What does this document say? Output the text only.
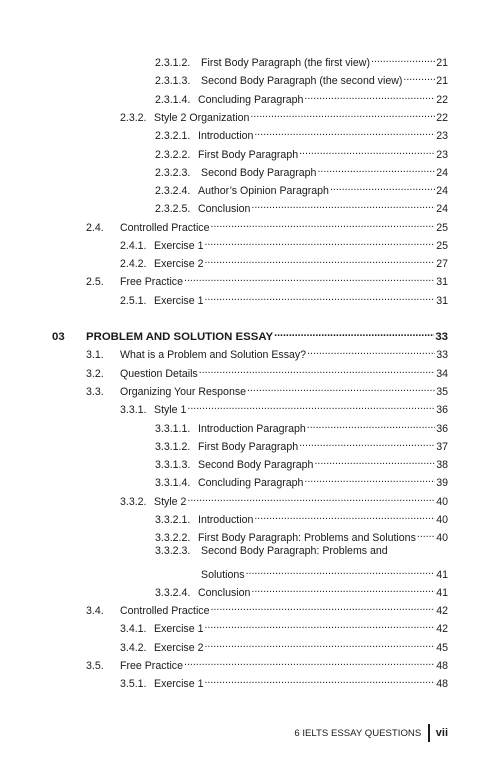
2.3.1.2.	First Body Paragraph (the first view) .....	21
2.3.1.3.	Second Body Paragraph (the second view) .....	21
2.3.1.4. Concluding Paragraph .....	22
2.3.2. Style 2 Organization .....	22
2.3.2.1. Introduction .....	23
2.3.2.2. First Body Paragraph .....	23
2.3.2.3.	Second Body Paragraph .....	24
2.3.2.4. Author’s Opinion Paragraph .....	24
2.3.2.5. Conclusion .....	24
2.4.	Controlled Practice .....	25
2.4.1. Exercise 1 .....	25
2.4.2. Exercise 2 .....	27
2.5.	Free Practice .....	31
2.5.1. Exercise 1 .....	31
03	PROBLEM AND SOLUTION ESSAY .....	33
3.1.	What is a Problem and Solution Essay? .....	33
3.2.	Question Details .....	34
3.3.	Organizing Your Response .....	35
3.3.1. Style 1 .....	36
3.3.1.1. Introduction Paragraph .....	36
3.3.1.2. First Body Paragraph .....	37
3.3.1.3. Second Body Paragraph .....	38
3.3.1.4. Concluding Paragraph .....	39
3.3.2. Style 2 .....	40
3.3.2.1. Introduction .....	40
3.3.2.2. First Body Paragraph: Problems and Solutions ..... 40
3.3.2.3.	Second Body Paragraph: Problems and
Solutions .....	41
3.3.2.4. Conclusion .....	41
3.4.	Controlled Practice .....	42
3.4.1. Exercise 1 .....	42
3.4.2. Exercise 2 .....	45
3.5.	Free Practice .....	48
3.5.1. Exercise 1 .....	48
6 IELTS ESSAY QUESTIONS vii
